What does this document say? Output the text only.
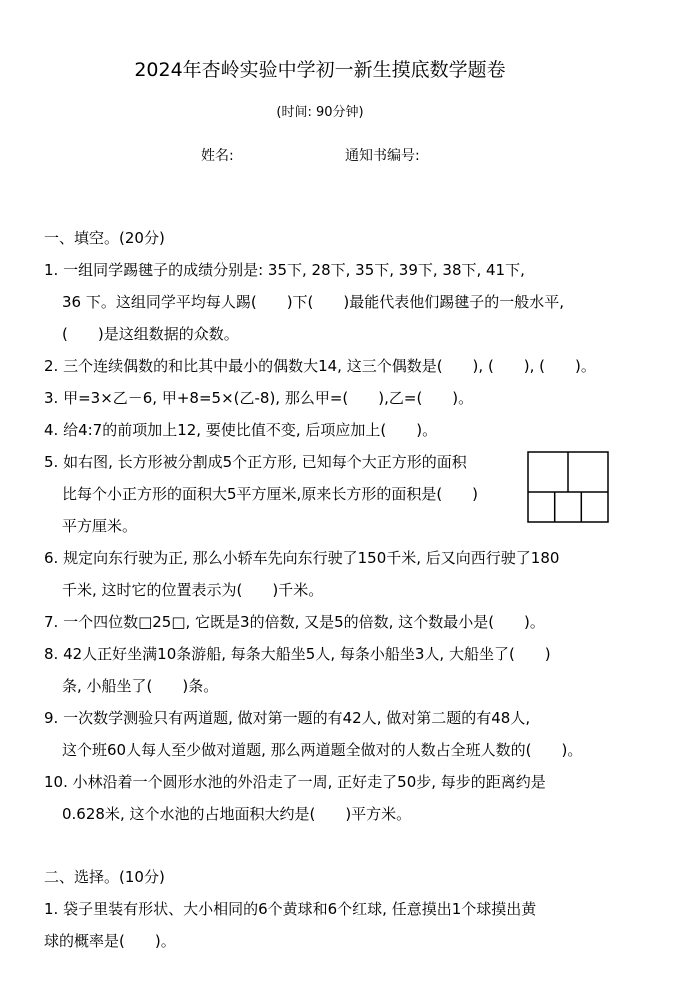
2024年杏岭实验中学初一新生摸底数学题卷
(时间: 90分钟)
姓名:	通知书编号:
一、填空。(20分)
1. 一组同学踢毽子的成绩分别是: 35下, 28下, 35下, 39下, 38下, 41下,
36 下。这组同学平均每人踢(　　)下(　　)最能代表他们踢毽子的一般水平,
(　　)是这组数据的众数。
2. 三个连续偶数的和比其中最小的偶数大14, 这三个偶数是(　　), (　　), (　　)。
3. 甲=3×乙－6, 甲+8=5×(乙-8), 那么甲=(　　),乙=(　　)。
4. 给4:7的前项加上12, 要使比值不变, 后项应加上(　　)。
5. 如右图, 长方形被分割成5个正方形, 已知每个大正方形的面积
比每个小正方形的面积大5平方厘米,原来长方形的面积是(　　)
平方厘米。
6. 规定向东行驶为正, 那么小轿车先向东行驶了150千米, 后又向西行驶了180
千米, 这时它的位置表示为(　　)千米。
7. 一个四位数□25□, 它既是3的倍数, 又是5的倍数, 这个数最小是(　　)。
8. 42人正好坐满10条游船, 每条大船坐5人, 每条小船坐3人, 大船坐了(　　)
条, 小船坐了(　　)条。
9. 一次数学测验只有两道题, 做对第一题的有42人, 做对第二题的有48人,
这个班60人每人至少做对道题, 那么两道题全做对的人数占全班人数的(　　)。
10. 小林沿着一个圆形水池的外沿走了一周, 正好走了50步, 每步的距离约是
0.628米, 这个水池的占地面积大约是(　　)平方米。
二、选择。(10分)
1. 袋子里装有形状、大小相同的6个黄球和6个红球, 任意摸出1个球摸出黄
球的概率是(　　)。
